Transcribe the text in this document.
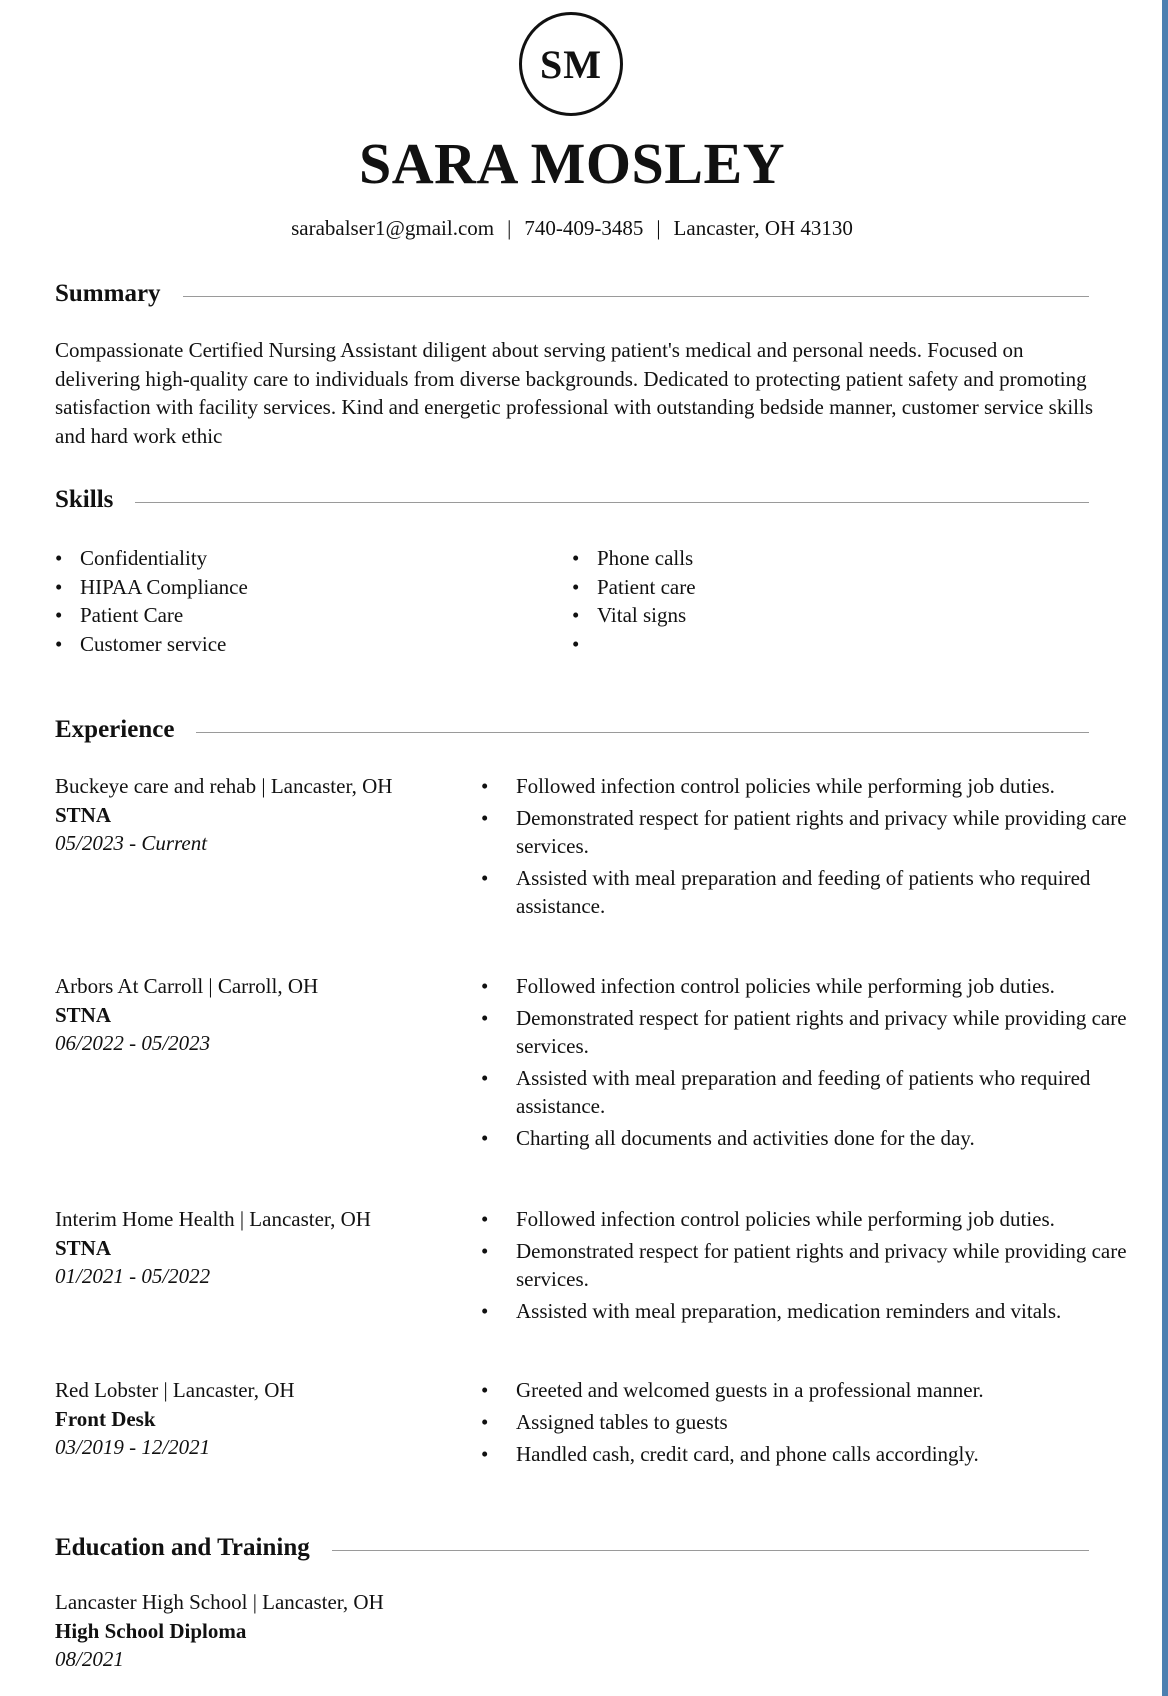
SM
SARA MOSLEY
sarabalser1@gmail.com | 740-409-3485 | Lancaster, OH 43130
Summary
Compassionate Certified Nursing Assistant diligent about serving patient's medical and personal needs. Focused on delivering high-quality care to individuals from diverse backgrounds. Dedicated to protecting patient safety and promoting satisfaction with facility services. Kind and energetic professional with outstanding bedside manner, customer service skills and hard work ethic
Skills
• Confidentiality
• HIPAA Compliance
• Patient Care
• Customer service
• Phone calls
• Patient care
• Vital signs
•
Experience
Buckeye care and rehab | Lancaster, OH
STNA
05/2023 - Current
• Followed infection control policies while performing job duties.
• Demonstrated respect for patient rights and privacy while providing care services.
• Assisted with meal preparation and feeding of patients who required assistance.
Arbors At Carroll | Carroll, OH
STNA
06/2022 - 05/2023
• Followed infection control policies while performing job duties.
• Demonstrated respect for patient rights and privacy while providing care services.
• Assisted with meal preparation and feeding of patients who required assistance.
• Charting all documents and activities done for the day.
Interim Home Health | Lancaster, OH
STNA
01/2021 - 05/2022
• Followed infection control policies while performing job duties.
• Demonstrated respect for patient rights and privacy while providing care services.
• Assisted with meal preparation, medication reminders and vitals.
Red Lobster | Lancaster, OH
Front Desk
03/2019 - 12/2021
• Greeted and welcomed guests in a professional manner.
• Assigned tables to guests
• Handled cash, credit card, and phone calls accordingly.
Education and Training
Lancaster High School | Lancaster, OH
High School Diploma
08/2021
